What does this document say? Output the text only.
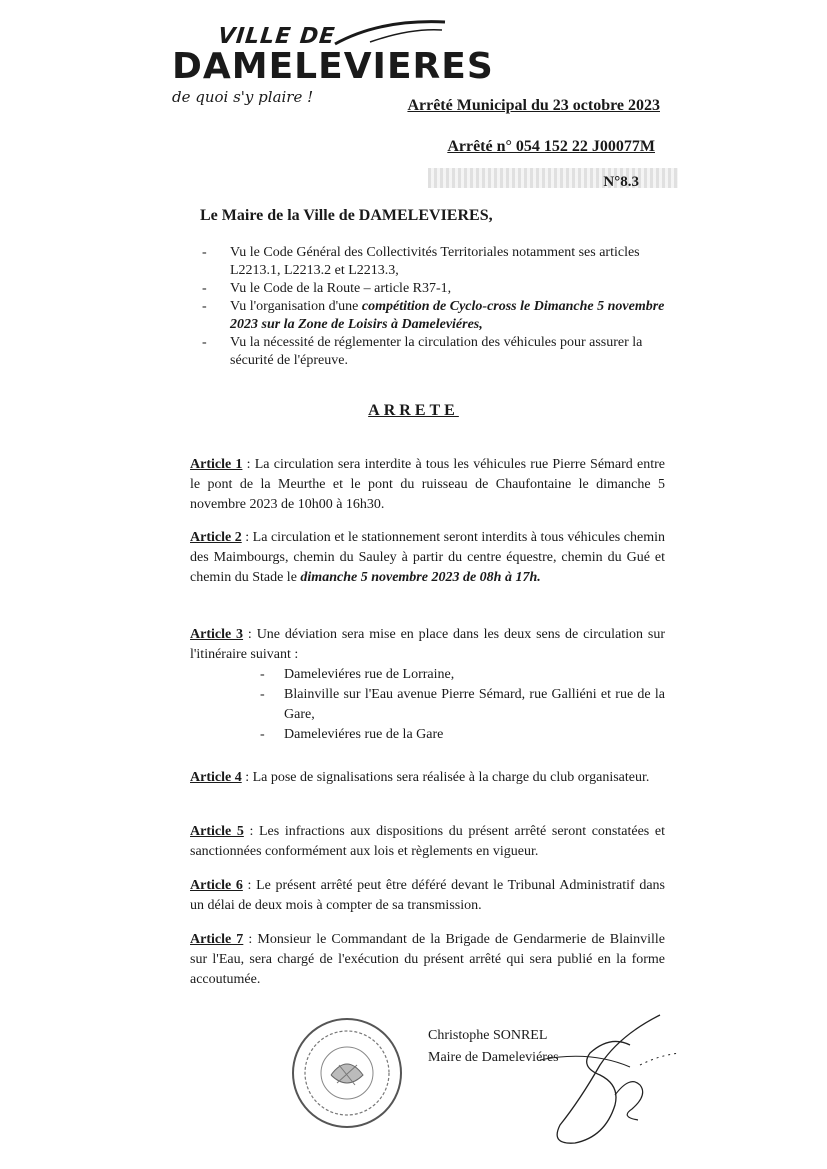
VILLE DE
DAMELEVIERES
de quoi s'y plaire !	Arrêté Municipal du 23 octobre 2023
Arrêté n° 054 152 22 J00077M
N°8.3
Le Maire de la Ville de DAMELEVIERES,
- Vu le Code Général des Collectivités Territoriales notamment ses articles L2213.1, L2213.2 et L2213.3,
- Vu le Code de la Route – article R37-1,
- Vu l'organisation d'une compétition de Cyclo-cross le Dimanche 5 novembre 2023 sur la Zone de Loisirs à Dameleviéres,
- Vu la nécessité de réglementer la circulation des véhicules pour assurer la sécurité de l'épreuve.
ARRETE
Article 1 : La circulation sera interdite à tous les véhicules rue Pierre Sémard entre le pont de la Meurthe et le pont du ruisseau de Chaufontaine le dimanche 5 novembre 2023 de 10h00 à 16h30.
Article 2 : La circulation et le stationnement seront interdits à tous véhicules chemin des Maimbourgs, chemin du Sauley à partir du centre équestre, chemin du Gué et chemin du Stade le dimanche 5 novembre 2023 de 08h à 17h.
Article 3 : Une déviation sera mise en place dans les deux sens de circulation sur l'itinéraire suivant :
- Dameleviéres rue de Lorraine,
- Blainville sur l'Eau avenue Pierre Sémard, rue Galliéni et rue de la Gare,
- Dameleviéres rue de la Gare
Article 4 : La pose de signalisations sera réalisée à la charge du club organisateur.
Article 5 : Les infractions aux dispositions du présent arrêté seront constatées et sanctionnées conformément aux lois et règlements en vigueur.
Article 6 : Le présent arrêté peut être déféré devant le Tribunal Administratif dans un délai de deux mois à compter de sa transmission.
Article 7 : Monsieur le Commandant de la Brigade de Gendarmerie de Blainville sur l'Eau, sera chargé de l'exécution du présent arrêté qui sera publié en la forme accoutumée.
Christophe SONREL
Maire de Dameleviéres
